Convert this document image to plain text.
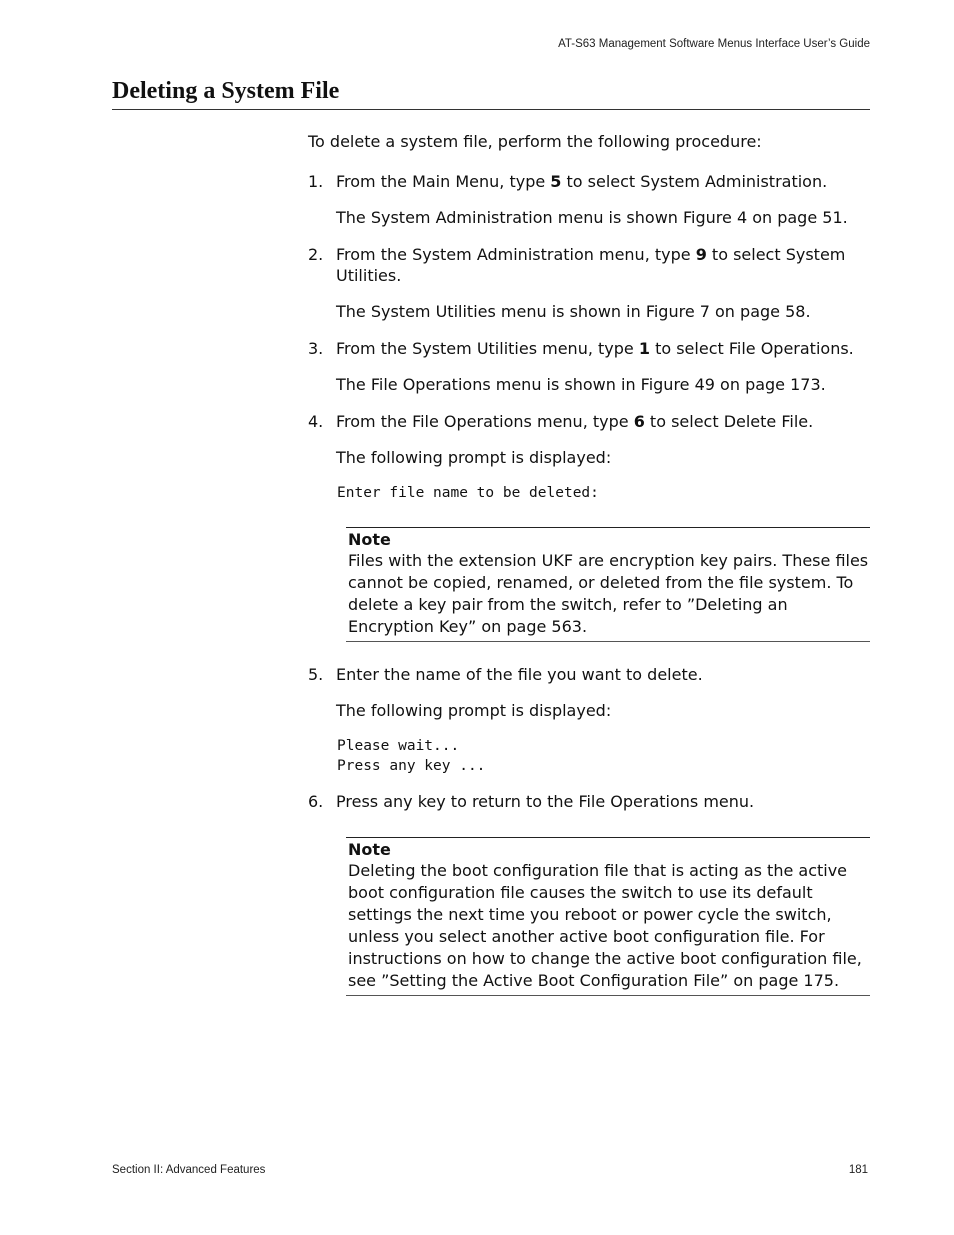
AT-S63 Management Software Menus Interface User’s Guide
Deleting a System File

To delete a system file, perform the following procedure:

1. From the Main Menu, type 5 to select System Administration.

The System Administration menu is shown Figure 4 on page 51.

2. From the System Administration menu, type 9 to select System Utilities.

The System Utilities menu is shown in Figure 7 on page 58.

3. From the System Utilities menu, type 1 to select File Operations.

The File Operations menu is shown in Figure 49 on page 173.

4. From the File Operations menu, type 6 to select Delete File.

The following prompt is displayed:

Enter file name to be deleted:

Note

Files with the extension UKF are encryption key pairs. These files cannot be copied, renamed, or deleted from the file system. To delete a key pair from the switch, refer to ”Deleting an Encryption Key” on page 563.

5. Enter the name of the file you want to delete.

The following prompt is displayed:

Please wait...
Press any key ...
6. Press any key to return to the File Operations menu.

Note

Deleting the boot configuration file that is acting as the active boot configuration file causes the switch to use its default settings the next time you reboot or power cycle the switch, unless you select another active boot configuration file. For instructions on how to change the active boot configuration file, see ”Setting the Active Boot Configuration File” on page 175.

Section II: Advanced Features	181
